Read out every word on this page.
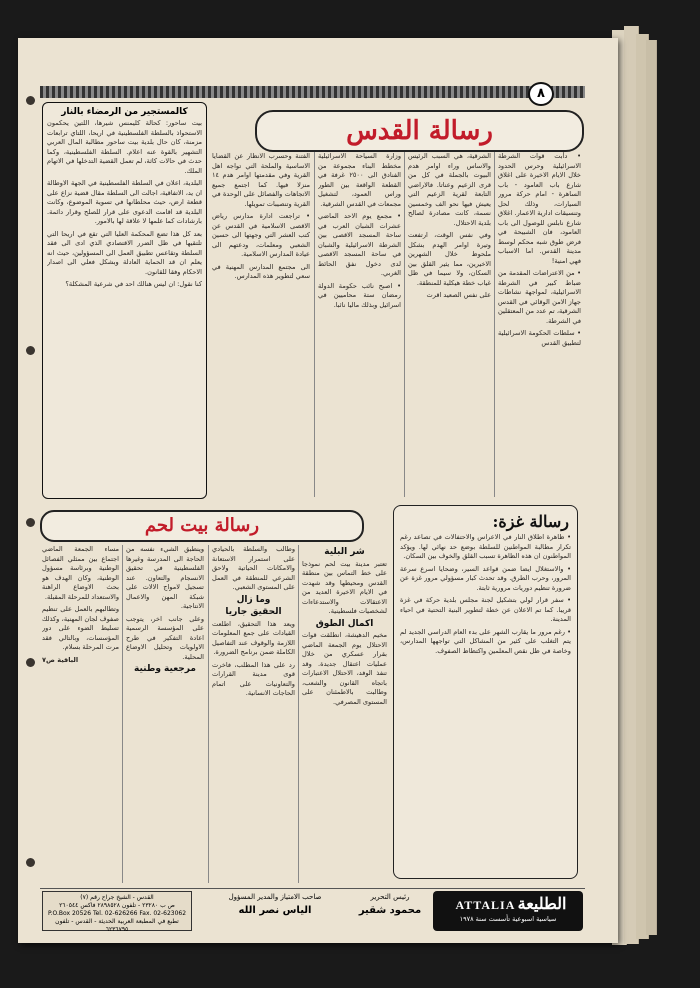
٨
رسالة القدس
كالمستجير من الرمضاء بالنار

بيت ساحور: كحالة كليمنس شيرها، اللتين يحكمون الاستحواذ بالسلطة الفلسطينية في اريحا، اللتاي ترابعات مزمنة، كان حال بلدية بيت ساحور مطالبة المال العربي التشهير بالقوة عنه اعلام. السلطة الفلسطينية، وكما حدث في حالات كاثة، لم تعمل القضية التدخلها في الاتهام الملك.

البلدية، اعلان في السلطة الفلسطينية في الجهة الاوطالة ان يد، الاتفاقية، اجالت الى السلطة مقال قضية نزاع على قطعة ارض، حيث محلطانها في تسوية الموضوع، وكانت البلدية قد اقامت الدعوى على قرار للصلح وقرار دائمة. بارشادات كما علمها لا علاقة لها بالامور.

بعد كل هذا تضع المحكمة العليا التي تقع في اريحا التي تلتقيها في ظل الضرر الاقتصادي الذي ادى الى فقد السلطة وتقاعس تطبيق العمل الى المسؤولين، حيث انه يعلم ان قد الحماية العادلة وبشكل فعلي الى اصدار الاحكام وفقا للقانون.

كنا نقول: ان ليس هنالك احد في شرعية المشكلة؟

• دأبت قوات الشرطة الاسرائيلية وحرس الحدود خلال الايام الاخيرة على اغلاق شارع باب العامود - باب الساهرة - امام حركة مرور السيارات، وذلك لحل وتنسيقات ادارية الاعمار. اغلاق شارع نابلس للوصول الى باب العامود، فان الشبيحة في فرض طوق شبه محكم لوسط مدينة القدس. اما الاسباب فهي امنية!

• من الاعتراضات المقدمة من ضباط كبير في الشرطة الاسرائيلية، لمواجهة نشاطات جهاز الامن الوقائي في القدس الشرقية، تم عدد من المعتقلين في الشرطة.

• سلطات الحكومة الاسرائيلية لتطبيق القدس

الشرقية، هي السبب الرئيس والاساس وراء اوامر هدم البيوت بالجملة في كل من قرى الزعيم وعناتا. فالاراضي التابعة لقرية الزعيم التي يعيش فيها نحو الف وخمسين نسمة، كانت مصادرة لصالح بلدية الاحتلال.

وفي نفس الوقت، ارتفعت وتيرة اوامر الهدم بشكل ملحوظ خلال الشهرين الاخيرين، مما يثير القلق بين السكان، ولا سيما في ظل غياب خطة هيكلية للمنطقة.

على نفس الصعيد اقرت

وزارة السياحة الاسرائيلية مخطط البناء مجموعة من الفنادق الى ٢٥٠٠ غرفة في القطعة الواقعة بين الطور وراس العمود، لتشغيل مجمعات في القدس الشرقية.

• مجمع يوم الاحد الماضي عشرات الشبان العرب في ساحة المسجد الاقصى بين الشرطة الاسرائيلية والشبان في ساحة المسجد الاقصى لدى دخول نفق الحائط الغربي.

• اصبح نائب حكومة الدولة رمضان ستة محاميين في اسرائيل وبذلك ماليا نائبا.

الفتنة وحسرب الانظار عن القضايا الاساسية والملحة التي تواجه اهل القرية وفي مقدمتها اوامر هدم ١٤ منزلا فيها. كما اجتمع جميع الاتجاهات والفصائل على الوحدة في القرية وتنصيبات تمويلها.

• تراجعت ادارة مدارس رياض الاقصى الاسلامية في القدس عن كتب العشر التي وجهتها الى حسين الشعبي ومعلمات، ودعتهم الى عيادة المدارس الاسلامية.

الى مجتمع المدارس المهنية في سعي لتطوير هذه المدارس.

رسالة بيت لحم
شر البلية

تعتبر مدينة بيت لحم نموذجا على خط التماس بين منطقة القدس ومحيطها وقد شهدت في الايام الاخيرة العديد من الاعتقالات والاستدعاءات لشخصيات فلسطينية.

اكمال الطوق

مخيم الدهيشة، انطلقت قوات الاحتلال يوم الجمعة الماضي بقرار عسكري من خلال عمليات اعتقال جديدة. وقد تنفذ الوفد، الاحتلال الاعتبارات باتجاه القانون والشعب، وطالبت بالاطمئنان على المستوى المصرفي.

وطالب والسلطة بالحيادي على استمرار الاستعانة والامكانات الحياتية ولاحق الشرعي للمنطقة في العمل على المستوى الشعبي.

وما زال
الحقيق جاريا

ويعد هذا التحقيق، اطلعت القيادات على جمع المعلومات اللازمة والوقوف عند التفاصيل الكاملة ضمن برنامج الضرورة.

رد على هذا المطلب، فاخرت قوى مدينة القرارات والتعاونيات على اتمام الحاجات الانسانية.

وينطبق الشيء نفسه من الحاجة الى المدرسة وغيرها الفلسطينية في تحقيق الانسجام والتعاون. عند تسجيل لامواج الالات على شبكة المهن والاعمال الانتاجية.

وعلى جانب اخر، يتوجب على المؤسسة الرسمية اعادة التفكير في طرح الاولويات وتحليل الاوضاع المحلية.

مرجعية وطنية

مساء الجمعة الماضي اجتماع بين ممثلي الفصائل الوطنية وبرئاسة مسؤول الوطنية، وكان الهدف هو بحث الاوضاع الراهنة والاستعداد للمرحلة المقبلة.

وتطالبهم بالعمل على تنظيم صفوف لجان المهنية، وكذلك تسليط الضوء على دور المؤسسات، وبالتالي فقد مرت المرحلة بسلام.

الباقية ص٧

رسالة غزة:

• ظاهرة اطلاق النار في الاعراس والاحتفالات في تصاعد رغم تكرار مطالبة المواطنين للسلطة بوضع حد نهائي لها. ويؤكد المواطنون ان هذه الظاهرة تسبب القلق والخوف بين السكان.

• والاستغلال ايضا ضمن قواعد السير، وضحايا اسرع سرعة المرور، وحرب الطرق. وقد تحدث كبار مسؤولي مرور غزة عن ضرورة تنظيم دوريات مرورية ثابتة.

• سفر قرار لولي بتشكيل لجنة مجلس بلدية حركة في غزة قريبا. كما تم الاعلان عن خطة لتطوير البنية التحتية في احياء المدينة.

• رغم مرور ما يقارب الشهر على بدء العام الدراسي الجديد لم يتم التغلب على كثير من المشاكل التي تواجهها المدارس، وخاصة في ظل نقص المعلمين واكتظاظ الصفوف.

الطليعة ATTALIA
سياسية اسبوعية تأسست سنة ١٩٧٨
رئيس التحرير
محمود شقير
صاحب الامتياز والمدير المسؤول
الياس نصر الله
القدس - الشيخ جراح رقم (٧)
ص ب ٢٣٢٨٠ - تلفون ٢٨٩٨٥٢٨ فاكس ٢٦٠٥٤٤
P.O.Box 20526 Tel. 02-626266 Fax. 02-623062
تطبع في المطبعة العربية الحديثة - القدس - تلفون ٦٢٣٦٧٩٥
